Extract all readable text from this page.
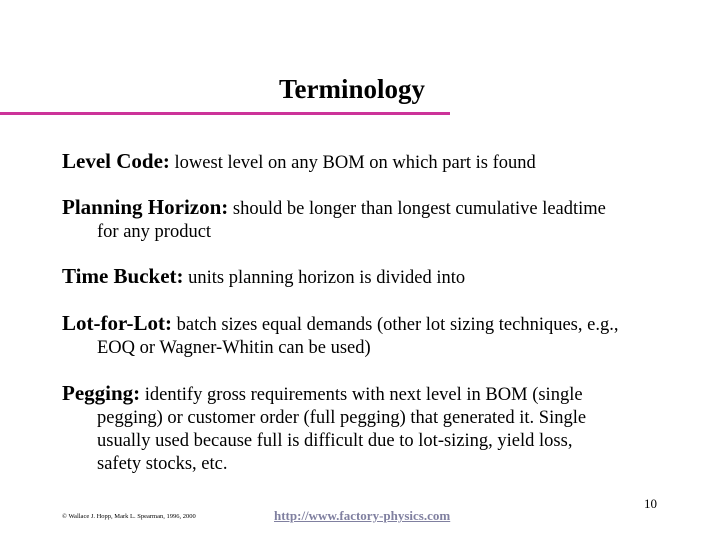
Terminology
Level Code: lowest level on any BOM on which part is found
Planning Horizon: should be longer than longest cumulative leadtime
for any product
Time Bucket: units planning horizon is divided into
Lot-for-Lot: batch sizes equal demands (other lot sizing techniques, e.g.,
EOQ or Wagner-Whitin can be used)
Pegging: identify gross requirements with next level in BOM (single
pegging) or customer order (full pegging) that generated it. Single
usually used because full is difficult due to lot-sizing, yield loss,
safety stocks, etc.
© Wallace J. Hopp, Mark L. Spearman, 1996, 2000	http://www.factory-physics.com
10
